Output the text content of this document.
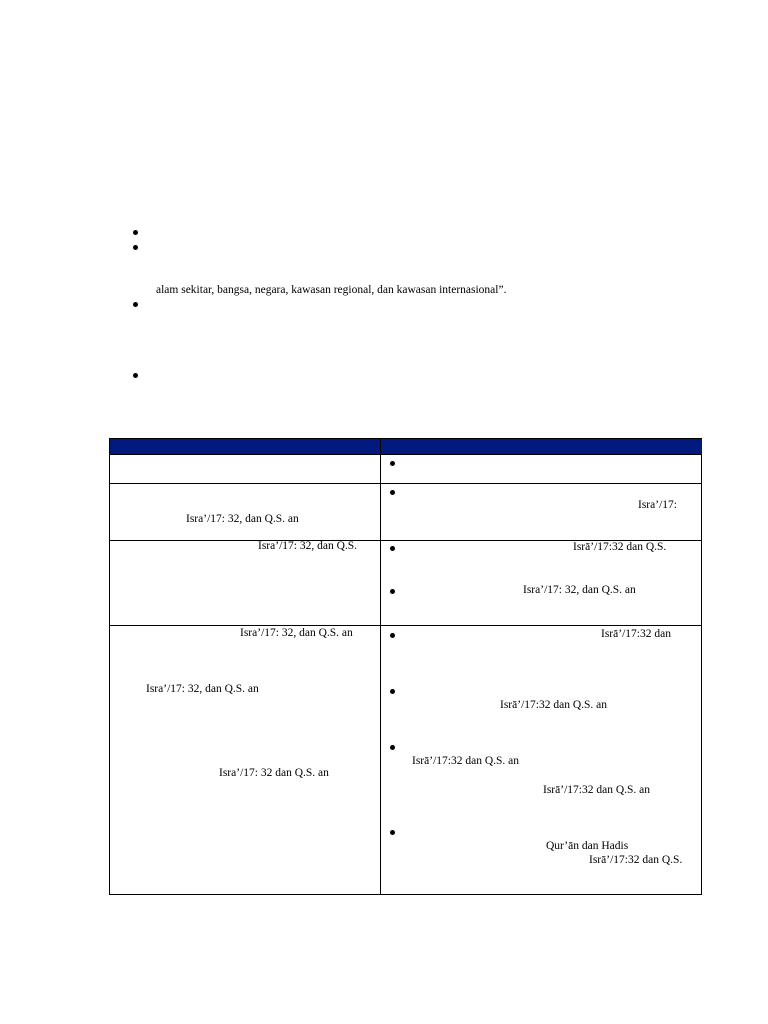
alam sekitar, bangsa, negara, kawasan regional, dan kawasan internasional”.
Isra’/17: 32, dan Q.S. an
Isra’/17:
Isra’/17: 32, dan Q.S.	Isrā’/17:32 dan Q.S.
Isra’/17: 32, dan Q.S. an
Isra’/17: 32, dan Q.S. an
Isra’/17: 32, dan Q.S. an
Isra’/17: 32 dan Q.S. an
Isrā’/17:32 dan
Isrā’/17:32 dan Q.S. an
Isrā’/17:32 dan Q.S. an
Isrā’/17:32 dan Q.S. an
Qur’ān dan Hadis
Isrā’/17:32 dan Q.S.
